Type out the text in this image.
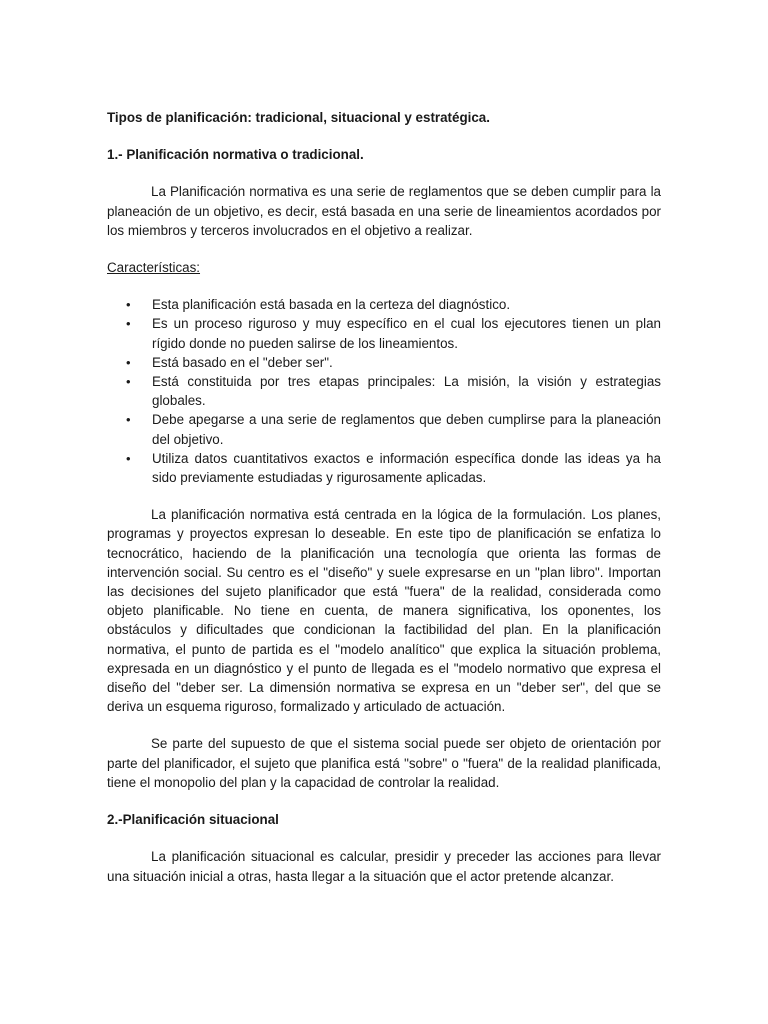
Tipos de planificación: tradicional, situacional y estratégica.

1.- Planificación normativa o tradicional.

La Planificación normativa es una serie de reglamentos que se deben cumplir para la planeación de un objetivo, es decir, está basada en una serie de lineamientos acordados por los miembros y terceros involucrados en el objetivo a realizar.

Características:

• Esta planificación está basada en la certeza del diagnóstico.
• Es un proceso riguroso y muy específico en el cual los ejecutores tienen un plan rígido donde no pueden salirse de los lineamientos.
• Está basado en el "deber ser".
• Está constituida por tres etapas principales: La misión, la visión y estrategias globales.
• Debe apegarse a una serie de reglamentos que deben cumplirse para la planeación del objetivo.
• Utiliza datos cuantitativos exactos e información específica donde las ideas ya ha sido previamente estudiadas y rigurosamente aplicadas.

La planificación normativa está centrada en la lógica de la formulación. Los planes, programas y proyectos expresan lo deseable. En este tipo de planificación se enfatiza lo tecnocrático, haciendo de la planificación una tecnología que orienta las formas de intervención social. Su centro es el "diseño" y suele expresarse en un "plan libro". Importan las decisiones del sujeto planificador que está "fuera" de la realidad, considerada como objeto planificable. No tiene en cuenta, de manera significativa, los oponentes, los obstáculos y dificultades que condicionan la factibilidad del plan. En la planificación normativa, el punto de partida es el "modelo analítico" que explica la situación problema, expresada en un diagnóstico y el punto de llegada es el "modelo normativo que expresa el diseño del "deber ser. La dimensión normativa se expresa en un "deber ser", del que se deriva un esquema riguroso, formalizado y articulado de actuación.

Se parte del supuesto de que el sistema social puede ser objeto de orientación por parte del planificador, el sujeto que planifica está "sobre" o "fuera" de la realidad planificada, tiene el monopolio del plan y la capacidad de controlar la realidad.

2.-Planificación situacional

La planificación situacional es calcular, presidir y preceder las acciones para llevar una situación inicial a otras, hasta llegar a la situación que el actor pretende alcanzar.
